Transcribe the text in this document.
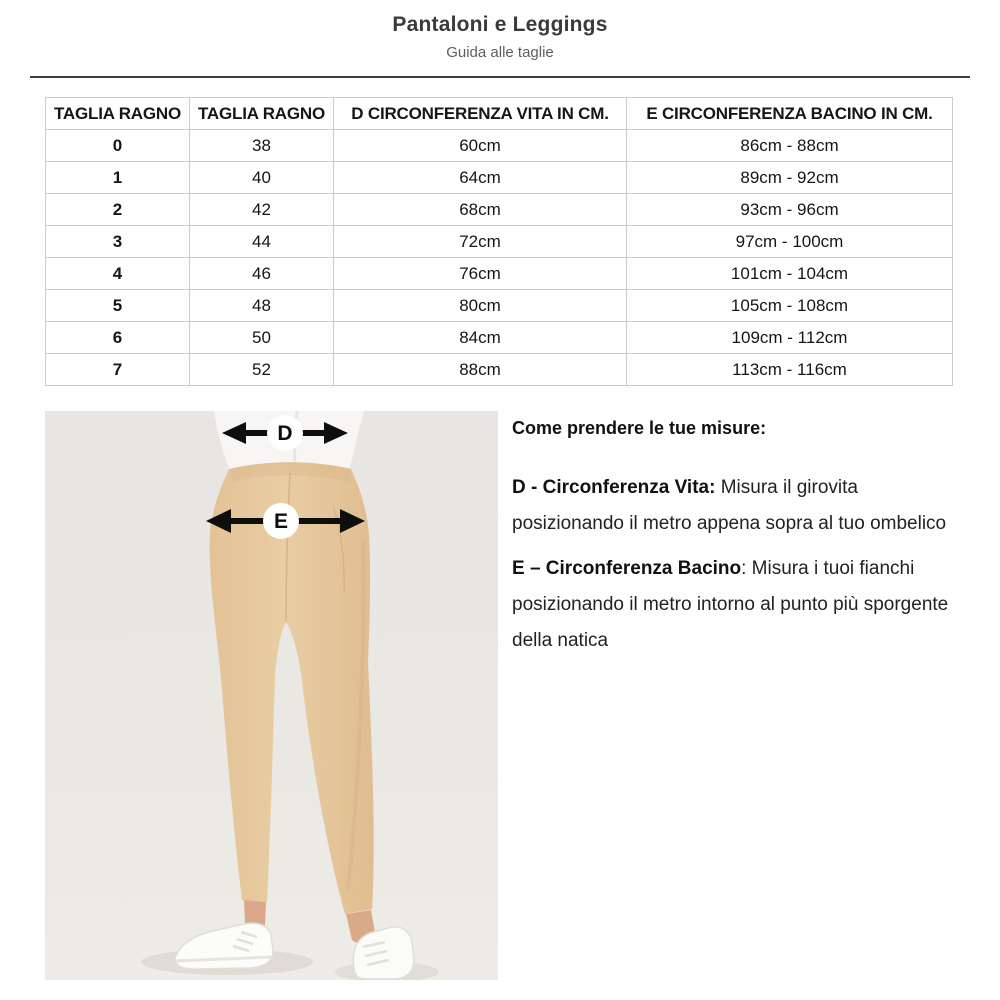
Pantaloni e Leggings
Guida alle taglie
TAGLIA RAGNO	TAGLIA RAGNO	D CIRCONFERENZA VITA IN CM.	E CIRCONFERENZA BACINO IN CM.
0	38	60cm	86cm - 88cm
1	40	64cm	89cm - 92cm
2	42	68cm	93cm - 96cm
3	44	72cm	97cm - 100cm
4	46	76cm	101cm - 104cm
5	48	80cm	105cm - 108cm
6	50	84cm	109cm - 112cm
7	52	88cm	113cm - 116cm
D
E
Come prendere le tue misure:

D - Circonferenza Vita: Misura il girovita posizionando il metro appena sopra al tuo ombelico

E – Circonferenza Bacino: Misura i tuoi fianchi posizionando il metro intorno al punto più sporgente della natica
